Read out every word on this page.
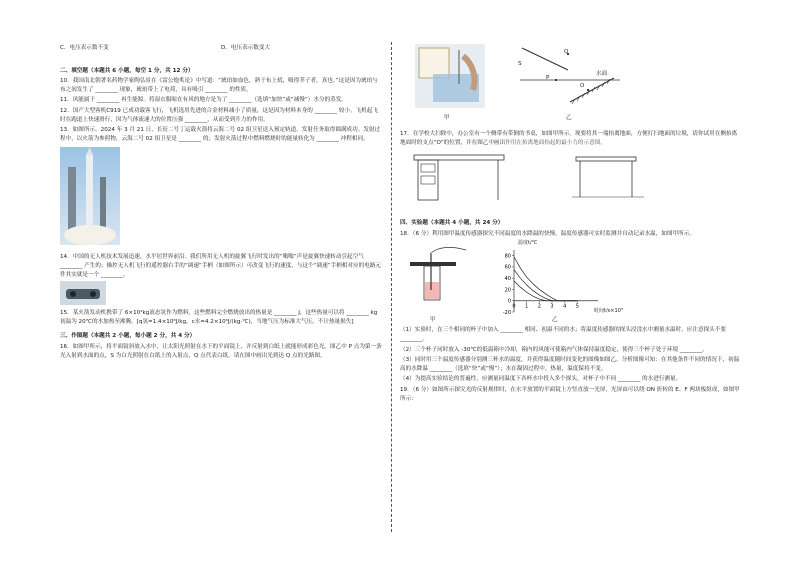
C．电压表示数不变	D．电压表示数变大

二、填空题（本题共 6 小题，每空 1 分，共 12 分）

10．我国南北朝著名药物学家陶弘景在《雷公炮炙论》中写道：“琥珀如血色，熟于布上拭，吸得芥子者，真也。”这是因为琥珀与布之间发生了 ________ 现象，琥珀带上了电荷，具有吸引 ________ 的性质。

11．风能属于 ________ 再生能源。将湿衣服晾在有风的地方是为了 ________（选填“加快”或“减慢”）水分的蒸发。

12．国产大型客机C919 已成功载客飞行，飞机选用先进的合金材料减小了质量，这是因为材料本身的 ________ 较小。飞机起飞时在跑道上快速滑行，因为气体流速大的位置压强 ________，从而受到升力的作用。

13．如图所示，2024 年 3 月 21 日，长征二号丁运载火箭将云海二号 02 组卫星送入预定轨道，发射任务取得圆满成功。发射过程中，以火箭为参照物，云海二号 02 组卫星是 ________ 的；发射火箭过程中燃料燃烧时的能量转化为 ________ 冲程相同。

14．中国的无人机技术发展迅速，水平居世界前沿。我们所用无人机的旋翼飞行时发出的“嗡嗡”声是旋翼快速转动引起空气 ________ 产生的；操控无人机飞行的遥控器右手的“调速”手柄（如图所示）可改变飞行的速度，与这个“调速”手柄相对应的电路元件其实就是一个 ________。

15．某火箭发动机携带了 6×10⁴kg液态氢作为燃料，这些燃料完全燃烧放出的热量是 ________ J，这些热量可以将 ________ kg初温为 20℃的水加热至沸腾。[q氢=1.4×10⁸J/kg，c水=4.2×10³J/(kg·℃)，当地气压为标准大气压，不计热量损失]

三、作图题（本题共 2 小题，每小题 2 分，共 4 分）

16．如图甲所示，将平面镜斜放入水中，让太阳光照射在水下的平面镜上，并反射到白纸上就能形成彩色光。图乙中 P 点为第一条光入射到水面的点，S 为白光照射在白纸上的入射点，Q 点代表白纸。请在图中画出光到达 Q 点的光路图。

甲
Q
P
O
水面
S
乙

17．在学校大扫除中，办公室有一个侧带有带倒的书桌，如图甲所示。现要将其一端抬离地面，方便打扫地面的垃圾，请你试用在侧抬离地面时的支点“O”的位置，并在图乙中画出作用在抬离地面抬起的最小力的示意图。

四、实验题（本题共 4 小题，共 24 分）

18．（6 分）利用图甲温度传感器探究不同温度的水降温的快慢，温度传感器可实时监测并自动记录水温，如图甲所示。

甲
-20
0
20
40
60
80
0 1 2 3 4 5
温度t/℃
时间t/s×10³
乙

（1）实验时，在三个相同的杯子中加入 ________ 相同、初温不同的水；将温度传感器的探头浸没水中测量水温时，应注意探头不要 ________。

（2）三个杯子同时放入 -30℃的低温箱中冷却，箱内的风能可使箱内气体保持温度稳定，使得三个杯子处于环境 ________。

（3）同时用三个温度传感器分别测三杯水的温度，并获得温度随时间变化的图像如图乙。分析图像可知：在其他条件不同的情况下，初温高的水降温 ________（选填“快”或“慢”）；水在凝固过程中，热量，温度保持不变。

（4）为提高实验结论的普遍性，应测量同温度下各杯水中投入多个探头，对杯子中不同 ________ 的水进行测量。

19．（6 分）如图所示探究光的反射规律时，在水平放置的平面镜上方竖直放一光屏，光屏由可以绕 ON 折转的 E、F 两块板组成，如图甲所示：
